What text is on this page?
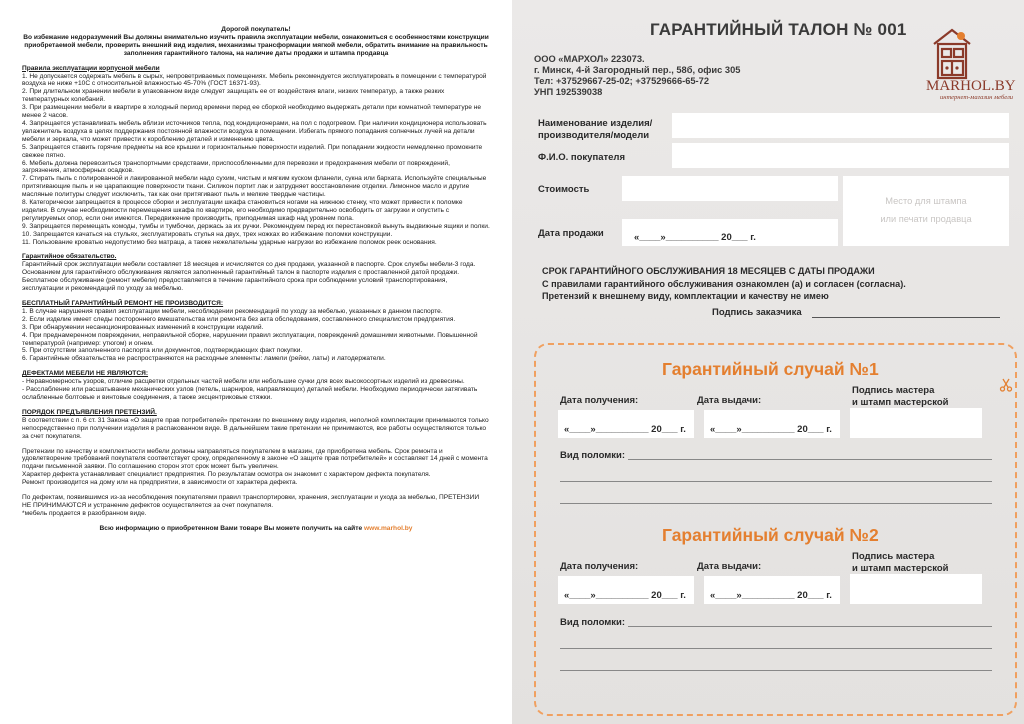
Дорогой покупатель!
Во избежание недоразумений Вы должны внимательно изучить правила эксплуатации мебели, ознакомиться с особенностями конструкции приобретаемой мебели, проверить внешний вид изделия, механизмы трансформации мягкой мебели, обратить внимание на правильность заполнения гарантийного талона, на наличие даты продажи и штампа продавца
Правила эксплуатации корпусной мебели
1. Не допускается содержать мебель в сырых, непроветриваемых помещениях. Мебель рекомендуется эксплуатировать в помещении с температурой воздуха не ниже +10С с относительной влажностью 45-70% (ГОСТ 16371-93).
2. При длительном хранении мебели в упакованном виде следует защищать ее от воздействия влаги, низких температур, а также резких температурных колебаний.
3. При размещении мебели в квартире в холодный период времени перед ее сборкой необходимо выдержать детали при комнатной температуре не менее 2 часов.
4. Запрещается устанавливать мебель вблизи источников тепла, под кондиционерами, на пол с подогревом. При наличии кондиционера использовать увлажнитель воздуха в целях поддержания постоянной влажности воздуха в помещении. Избегать прямого попадания солнечных лучей на детали мебели и зеркала, что может привести к короблению деталей и изменению цвета.
5. Запрещается ставить горячие предметы на все крышки и горизонтальные поверхности изделий. При попадании жидкости немедленно промокните свежее пятно.
6. Мебель должна перевозиться транспортными средствами, приспособленными для перевозки и предохранения мебели от повреждений, загрязнения, атмосферных осадков.
7. Стирать пыль с полированной и лакированной мебели надо сухим, чистым и мягким куском фланели, сукна или бархата. Используйте специальные притягивающие пыль и не царапающие поверхности ткани. Силикон портит лак и затрудняет восстановление отделки. Лимонное масло и другие масляные политуры следует исключить, так как они притягивают пыль и мелкие твердые частицы.
8. Категорически запрещается в процессе сборки и эксплуатации шкафа становиться ногами на нижнюю стенку, что может привести к поломке изделия. В случае необходимости перемещения шкафа по квартире, его необходимо предварительно освободить от загрузки и опустить с регулируемых опор, если они имеются. Передвижение производить, приподнимая шкаф над уровнем пола.
9. Запрещается перемещать комоды, тумбы и тумбочки, держась за их ручки. Рекомендуем перед их перестановкой вынуть выдвижные ящики и полки.
10. Запрещается качаться на стульях, эксплуатировать стулья на двух, трех ножках во избежание поломки конструкции.
11. Пользование кроватью недопустимо без матраца, а также нежелательны ударные нагрузки во избежание поломок реек основания.
Гарантийное обязательство.
Гарантийный срок эксплуатации мебели составляет 18 месяцев и исчисляется со дня продажи, указанной в паспорте. Срок службы мебели-3 года. Основанием для гарантийного обслуживания является заполненный гарантийный талон в паспорте изделия с проставленной датой продажи. Бесплатное обслуживание (ремонт мебели) предоставляется в течение гарантийного срока при соблюдении условий транспортирования, эксплуатации и рекомендаций по уходу за мебелью.
БЕСПЛАТНЫЙ ГАРАНТИЙНЫЙ РЕМОНТ НЕ ПРОИЗВОДИТСЯ:
1. В случае нарушения правил эксплуатации мебели, несоблюдении рекомендаций по уходу за мебелью, указанных в данном паспорте.
2. Если изделие имеет следы постороннего вмешательства или ремонта без акта обследования, составленного специалистом предприятия.
3. При обнаружении несанкционированных изменений в конструкции изделий.
4. При преднамеренном повреждении, неправильной сборке, нарушении правил эксплуатации, повреждений домашними животными. Повышенной температурой (например: утюгом) и огнем.
5. При отсутствии заполненного паспорта или документов, подтверждающих факт покупки.
6. Гарантийные обязательства не распространяются на расходные элементы: ламели (рейки, латы) и латодержатели.
ДЕФЕКТАМИ МЕБЕЛИ НЕ ЯВЛЯЮТСЯ:
- Неравномерность узоров, отличие расцветки отдельных частей мебели или небольшие сучки для всех высокосортных изделий из древесины.
- Расслабление или расшатывание механических узлов (петель, шарниров, направляющих) деталей мебели. Необходимо периодически затягивать ослабленные болтовые и винтовые соединения, а также эксцентриковые стяжки.
ПОРЯДОК ПРЕДЪЯВЛЕНИЯ ПРЕТЕНЗИЙ.
В соответствии с п. 6 ст. 31 Закона «О защите прав потребителей» претензии по внешнему виду изделия, неполной комплектации принимаются только непосредственно при получении изделия в распакованном виде. В дальнейшем такие претензии не принимаются, все работы осуществляются только за счет покупателя.
Претензии по качеству и комплектности мебели должны направляться покупателем в магазин, где приобретена мебель. Срок ремонта и удовлетворение требований покупателя соответствует сроку, определенному в законе «О защите прав потребителей» и составляет 14 дней с момента подачи письменной заявки. По соглашению сторон этот срок может быть увеличен.
Характер дефекта устанавливает специалист предприятия. По результатам осмотра он знакомит с характером дефекта покупателя.
Ремонт производится на дому или на предприятии, в зависимости от характера дефекта.
По дефектам, появившимся из-за несоблюдения покупателями правил транспортировки, хранения, эксплуатации и ухода за мебелью, ПРЕТЕНЗИИ НЕ ПРИНИМАЮТСЯ и устранение дефектов осуществляется за счет покупателя.
*мебель продается в разобранном виде.
Всю информацию о приобретенном Вами товаре Вы можете получить на сайте www.marhol.by
ГАРАНТИЙНЫЙ ТАЛОН № 001
ООО «МАРХОЛ» 223073.
г. Минск, 4-й Загородный пер., 58б, офис 305
Тел: +37529667-25-02; +37529666-65-72
УНП 192539038	MARHOL.BY
интернет-магазин мебели
Наименование изделия/
производителя/модели
Ф.И.О. покупателя
Стоимость
Место для штампа
или печати продавца
Дата продажи	«____»__________ 20___ г.
СРОК ГАРАНТИЙНОГО ОБСЛУЖИВАНИЯ 18 МЕСЯЦЕВ С ДАТЫ ПРОДАЖИ
С правилами гарантийного обслуживания ознакомлен (а) и согласен (согласна).
Претензий к внешнему виду, комплектации и качеству не имею
Подпись заказчика
Гарантийный случай №1
Дата получения:	Дата выдачи:
Подпись мастера
и штамп мастерской
«____»__________ 20___ г.	«____»__________ 20___ г.
Вид поломки:
Гарантийный случай №2
Дата получения:	Дата выдачи:
Подпись мастера
и штамп мастерской
«____»__________ 20___ г.	«____»__________ 20___ г.
Вид поломки:
